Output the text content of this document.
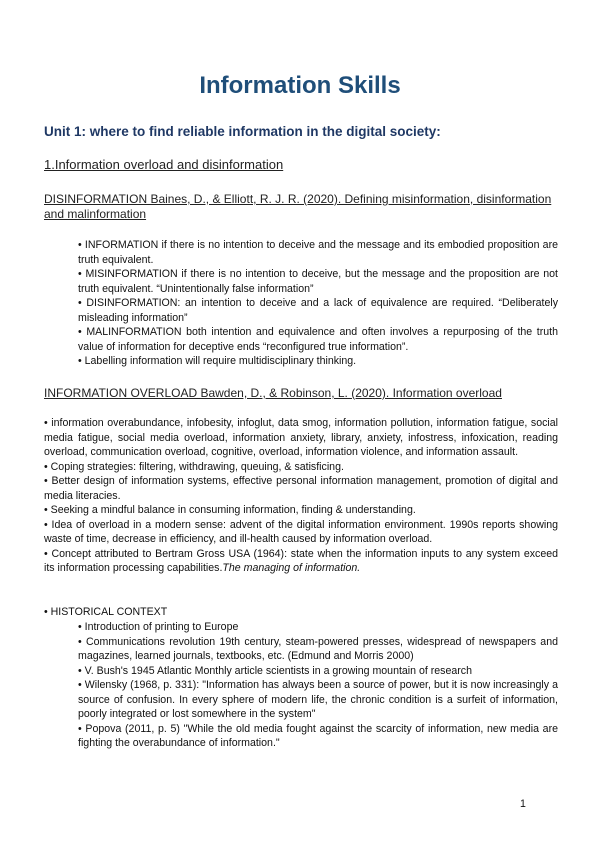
Information Skills
Unit 1: where to find reliable information in the digital society:
1.Information overload and disinformation
DISINFORMATION Baines, D., & Elliott, R. J. R. (2020). Defining misinformation, disinformation and malinformation

• INFORMATION if there is no intention to deceive and the message and its embodied proposition are truth equivalent.

• MISINFORMATION if there is no intention to deceive, but the message and the proposition are not truth equivalent. “Unintentionally false information”

• DISINFORMATION: an intention to deceive and a lack of equivalence are required. “Deliberately misleading information”

• MALINFORMATION both intention and equivalence and often involves a repurposing of the truth value of information for deceptive ends “reconfigured true information”.

• Labelling information will require multidisciplinary thinking.

INFORMATION OVERLOAD Bawden, D., & Robinson, L. (2020). Information overload

• information overabundance, infobesity, infoglut, data smog, information pollution, information fatigue, social media fatigue, social media overload, information anxiety, library, anxiety, infostress, infoxication, reading overload, communication overload, cognitive, overload, information violence, and information assault.

• Coping strategies: filtering, withdrawing, queuing, & satisficing.

• Better design of information systems, effective personal information management, promotion of digital and media literacies.

• Seeking a mindful balance in consuming information, finding & understanding.

• Idea of overload in a modern sense: advent of the digital information environment. 1990s reports showing waste of time, decrease in efficiency, and ill-health caused by information overload.

• Concept attributed to Bertram Gross USA (1964): state when the information inputs to any system exceed its information processing capabilities.The managing of information.

• HISTORICAL CONTEXT

• Introduction of printing to Europe

• Communications revolution 19th century, steam-powered presses, widespread of newspapers and magazines, learned journals, textbooks, etc. (Edmund and Morris 2000)

• V. Bush's 1945 Atlantic Monthly article scientists in a growing mountain of research

• Wilensky (1968, p. 331): "Information has always been a source of power, but it is now increasingly a source of confusion. In every sphere of modern life, the chronic condition is a surfeit of information, poorly integrated or lost somewhere in the system"

• Popova (2011, p. 5) "While the old media fought against the scarcity of information, new media are fighting the overabundance of information."

1
